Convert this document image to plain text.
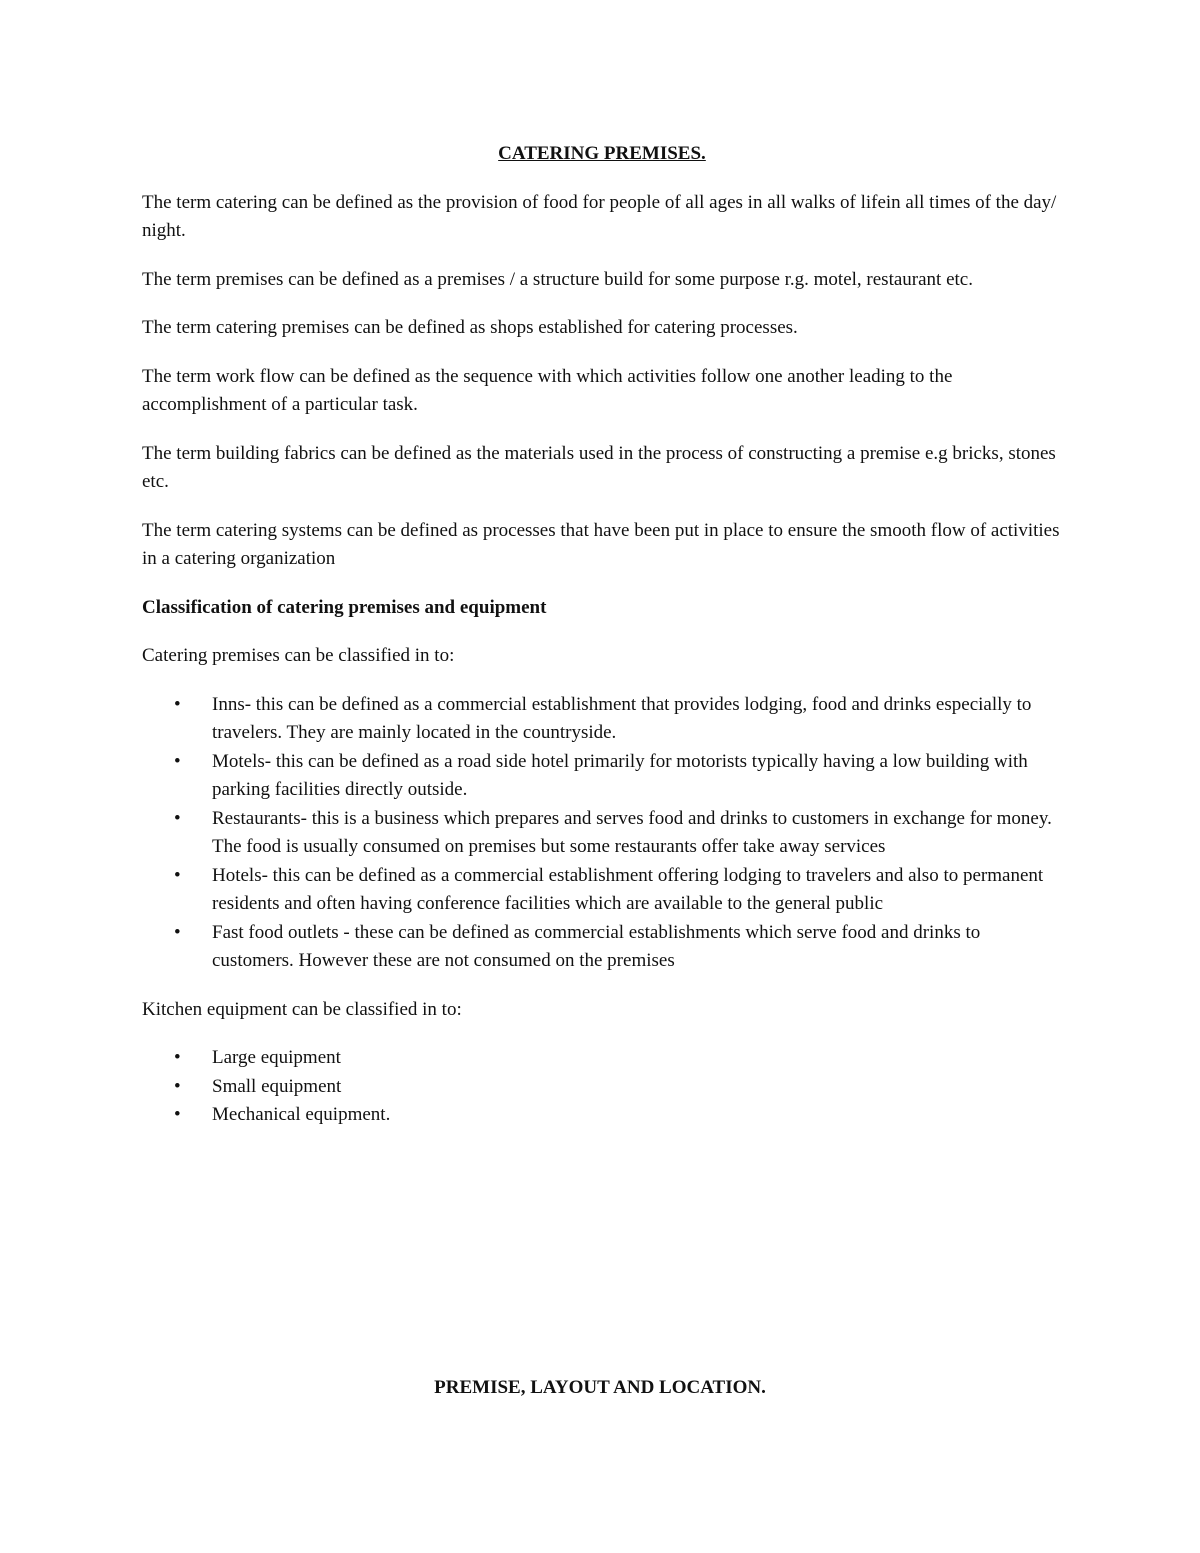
CATERING PREMISES.
The term catering can be defined as the provision of food for people of all ages in all walks of lifein all times of the day/ night.
The term premises can be defined as a premises / a structure build for some purpose r.g. motel, restaurant etc.
The term catering premises can be defined as shops established for catering processes.
The term work flow can be defined as the sequence with which activities follow one another leading to the accomplishment of a particular task.
The term building fabrics can be defined as the materials used in the process of constructing a premise e.g bricks, stones etc.
The term catering systems can be defined as processes that have been put in place to ensure the smooth flow of activities in a catering organization
Classification of catering premises and equipment
Catering premises can be classified in to:
• Inns- this can be defined as a commercial establishment that provides lodging, food and drinks especially to travelers. They are mainly located in the countryside.
• Motels- this can be defined as a road side hotel primarily for motorists typically having a low building with parking facilities directly outside.
• Restaurants- this is a business which prepares and serves food and drinks to customers in exchange for money. The food is usually consumed on premises but some restaurants offer take away services
• Hotels- this can be defined as a commercial establishment offering lodging to travelers and also to permanent residents and often having conference facilities which are available to the general public
• Fast food outlets - these can be defined as commercial establishments which serve food and drinks to customers. However these are not consumed on the premises
Kitchen equipment can be classified in to:
• Large equipment
• Small equipment
• Mechanical equipment.
PREMISE, LAYOUT AND LOCATION.
